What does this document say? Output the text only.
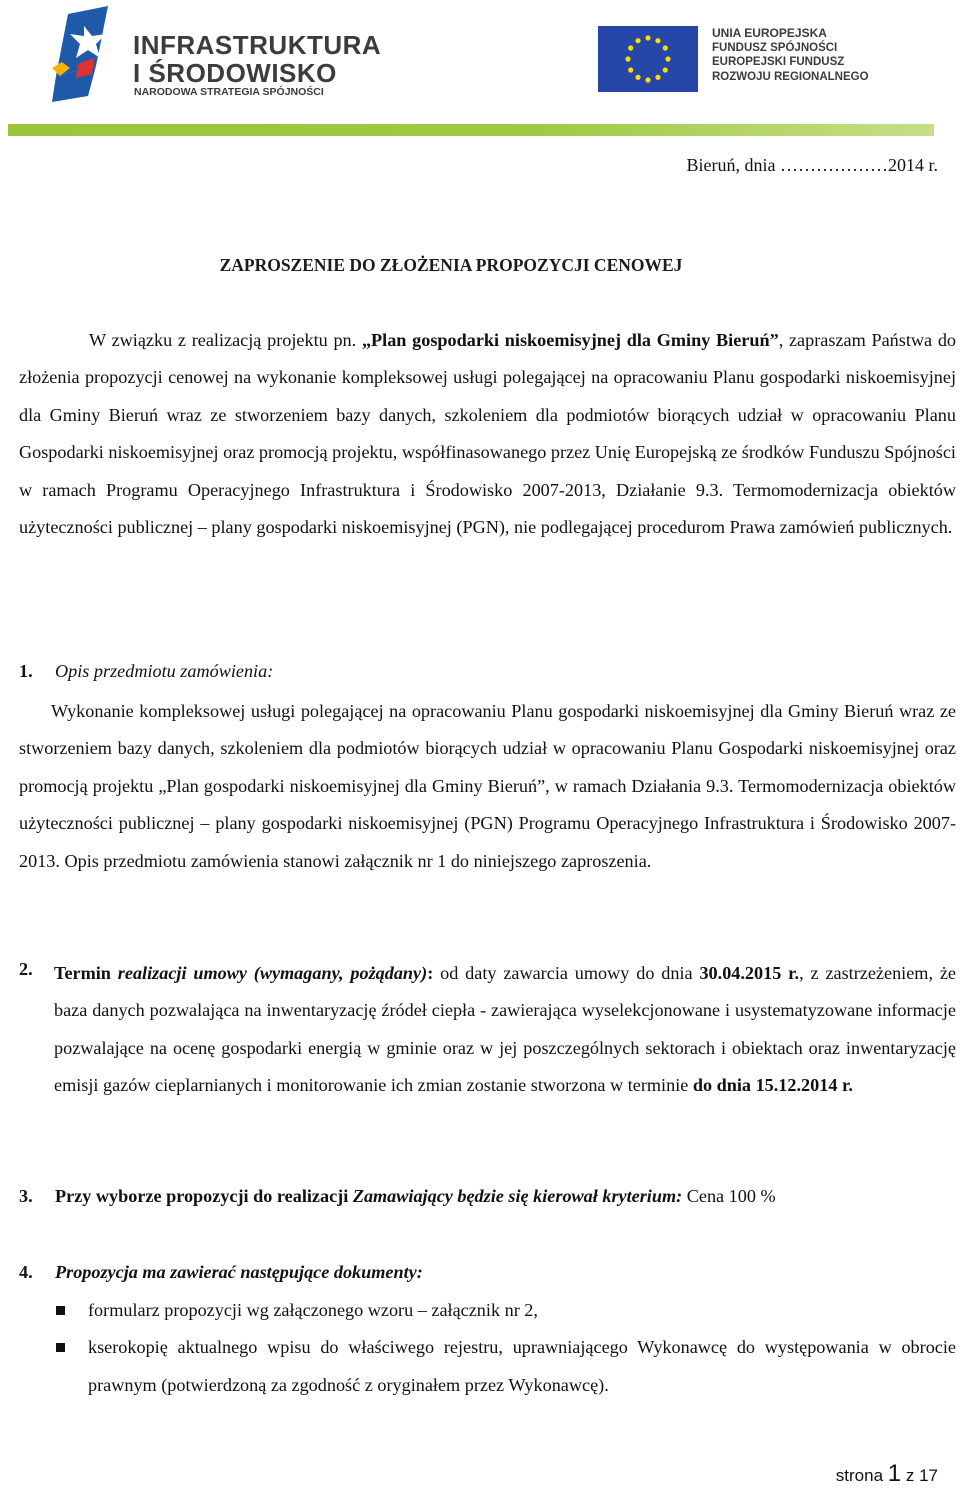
INFRASTRUKTURA
I ŚRODOWISKO
NARODOWA STRATEGIA SPÓJNOŚCI
UNIA EUROPEJSKA
FUNDUSZ SPÓJNOŚCI
EUROPEJSKI FUNDUSZ
ROZWOJU REGIONALNEGO
Bieruń, dnia ………………2014 r.
ZAPROSZENIE DO ZŁOŻENIA PROPOZYCJI CENOWEJ
W związku z realizacją projektu pn. „Plan gospodarki niskoemisyjnej dla Gminy Bieruń”, zapraszam Państwa do złożenia propozycji cenowej na wykonanie kompleksowej usługi polegającej na opracowaniu Planu gospodarki niskoemisyjnej dla Gminy Bieruń wraz ze stworzeniem bazy danych, szkoleniem dla podmiotów biorących udział w opracowaniu Planu Gospodarki niskoemisyjnej oraz promocją projektu, współfinasowanego przez Unię Europejską ze środków Funduszu Spójności w ramach Programu Operacyjnego Infrastruktura i Środowisko 2007-2013, Działanie 9.3. Termomodernizacja obiektów użyteczności publicznej – plany gospodarki niskoemisyjnej (PGN), nie podlegającej procedurom Prawa zamówień publicznych.
1. Opis przedmiotu zamówienia:
Wykonanie kompleksowej usługi polegającej na opracowaniu Planu gospodarki niskoemisyjnej dla Gminy Bieruń wraz ze stworzeniem bazy danych, szkoleniem dla podmiotów biorących udział w opracowaniu Planu Gospodarki niskoemisyjnej oraz promocją projektu „Plan gospodarki niskoemisyjnej dla Gminy Bieruń”, w ramach Działania 9.3. Termomodernizacja obiektów użyteczności publicznej – plany gospodarki niskoemisyjnej (PGN) Programu Operacyjnego Infrastruktura i Środowisko 2007-2013. Opis przedmiotu zamówienia stanowi załącznik nr 1 do niniejszego zaproszenia.
2. Termin realizacji umowy (wymagany, pożądany): od daty zawarcia umowy do dnia 30.04.2015 r., z zastrzeżeniem, że baza danych pozwalająca na inwentaryzację źródeł ciepła - zawierająca wyselekcjonowane i usystematyzowane informacje pozwalające na ocenę gospodarki energią w gminie oraz w jej poszczególnych sektorach i obiektach oraz inwentaryzację emisji gazów cieplarnianych i monitorowanie ich zmian zostanie stworzona w terminie do dnia 15.12.2014 r.
3. Przy wyborze propozycji do realizacji Zamawiający będzie się kierował kryterium: Cena 100 %
4. Propozycja ma zawierać następujące dokumenty:
formularz propozycji wg załączonego wzoru – załącznik nr 2,
kserokopię aktualnego wpisu do właściwego rejestru, uprawniającego Wykonawcę do występowania w obrocie prawnym (potwierdzoną za zgodność z oryginałem przez Wykonawcę).
strona 1 z 17
